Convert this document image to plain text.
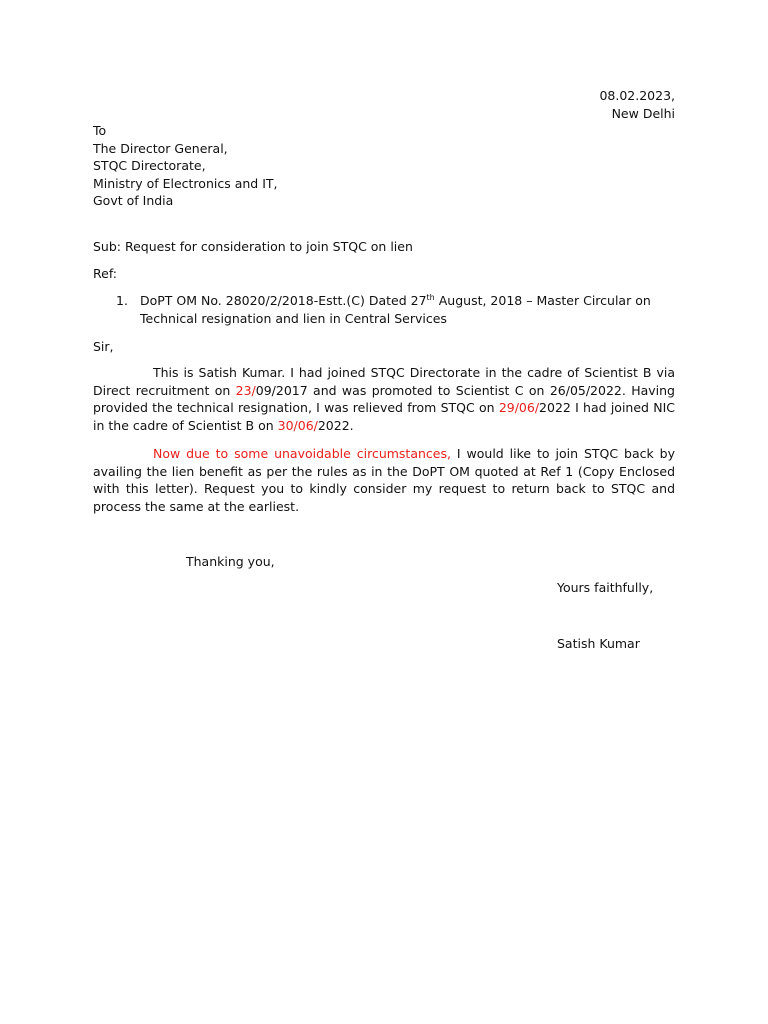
08.02.2023,
New Delhi
To
The Director General,
STQC Directorate,
Ministry of Electronics and IT,
Govt of India
Sub: Request for consideration to join STQC on lien
Ref:
1. DoPT OM No. 28020/2/2018-Estt.(C) Dated 27th August, 2018 – Master Circular on Technical resignation and lien in Central Services
Sir,
This is Satish Kumar. I had joined STQC Directorate in the cadre of Scientist B via Direct recruitment on 23/09/2017 and was promoted to Scientist C on 26/05/2022. Having provided the technical resignation, I was relieved from STQC on 29/06/2022 I had joined NIC in the cadre of Scientist B on 30/06/2022.
Now due to some unavoidable circumstances, I would like to join STQC back by availing the lien benefit as per the rules as in the DoPT OM quoted at Ref 1 (Copy Enclosed with this letter). Request you to kindly consider my request to return back to STQC and process the same at the earliest.
Thanking you,
Yours faithfully,
Satish Kumar
